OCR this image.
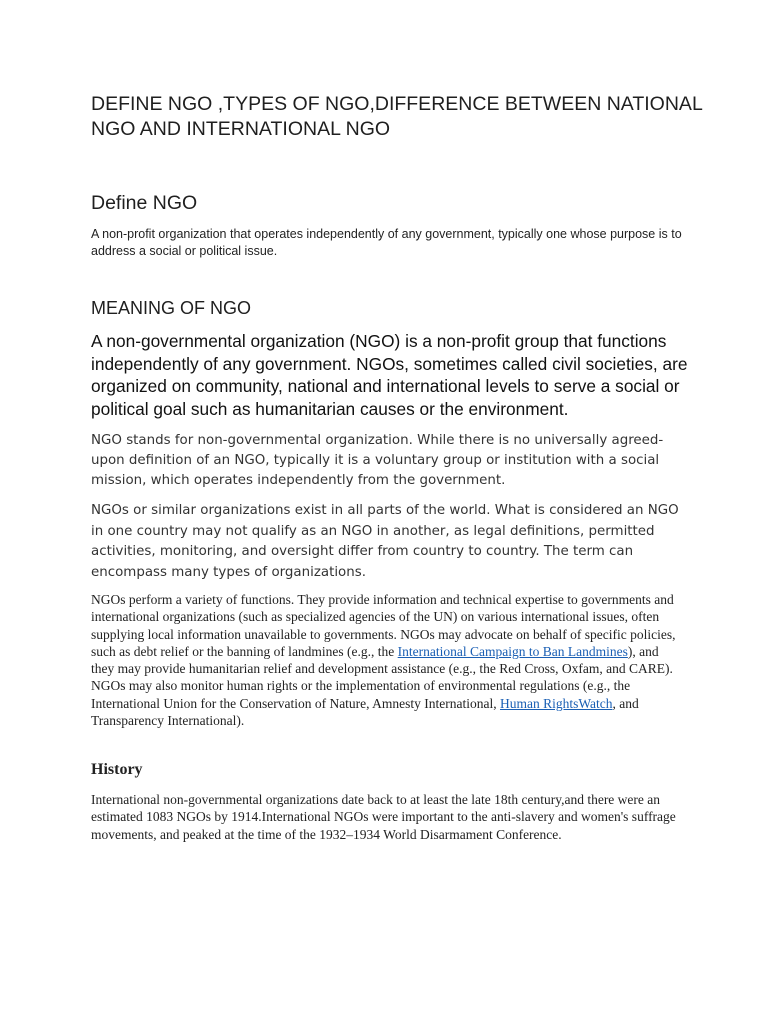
DEFINE NGO ,TYPES OF NGO,DIFFERENCE BETWEEN NATIONAL NGO AND INTERNATIONAL NGO
Define NGO

A non-profit organization that operates independently of any government, typically one whose purpose is to address a social or political issue.

MEANING OF NGO

A non-governmental organization (NGO) is a non-profit group that functions independently of any government. NGOs, sometimes called civil societies, are organized on community, national and international levels to serve a social or political goal such as humanitarian causes or the environment.

NGO stands for non-governmental organization. While there is no universally agreed-upon definition of an NGO, typically it is a voluntary group or institution with a social mission, which operates independently from the government.

NGOs or similar organizations exist in all parts of the world. What is considered an NGO in one country may not qualify as an NGO in another, as legal definitions, permitted activities, monitoring, and oversight differ from country to country. The term can encompass many types of organizations.

NGOs perform a variety of functions. They provide information and technical expertise to governments and international organizations (such as specialized agencies of the UN) on various international issues, often supplying local information unavailable to governments. NGOs may advocate on behalf of specific policies, such as debt relief or the banning of landmines (e.g., the International Campaign to Ban Landmines), and they may provide humanitarian relief and development assistance (e.g., the Red Cross, Oxfam, and CARE). NGOs may also monitor human rights or the implementation of environmental regulations (e.g., the International Union for the Conservation of Nature, Amnesty International, Human RightsWatch, and Transparency International).

History

International non-governmental organizations date back to at least the late 18th century,and there were an estimated 1083 NGOs by 1914.International NGOs were important to the anti-slavery and women's suffrage movements, and peaked at the time of the 1932–1934 World Disarmament Conference.
